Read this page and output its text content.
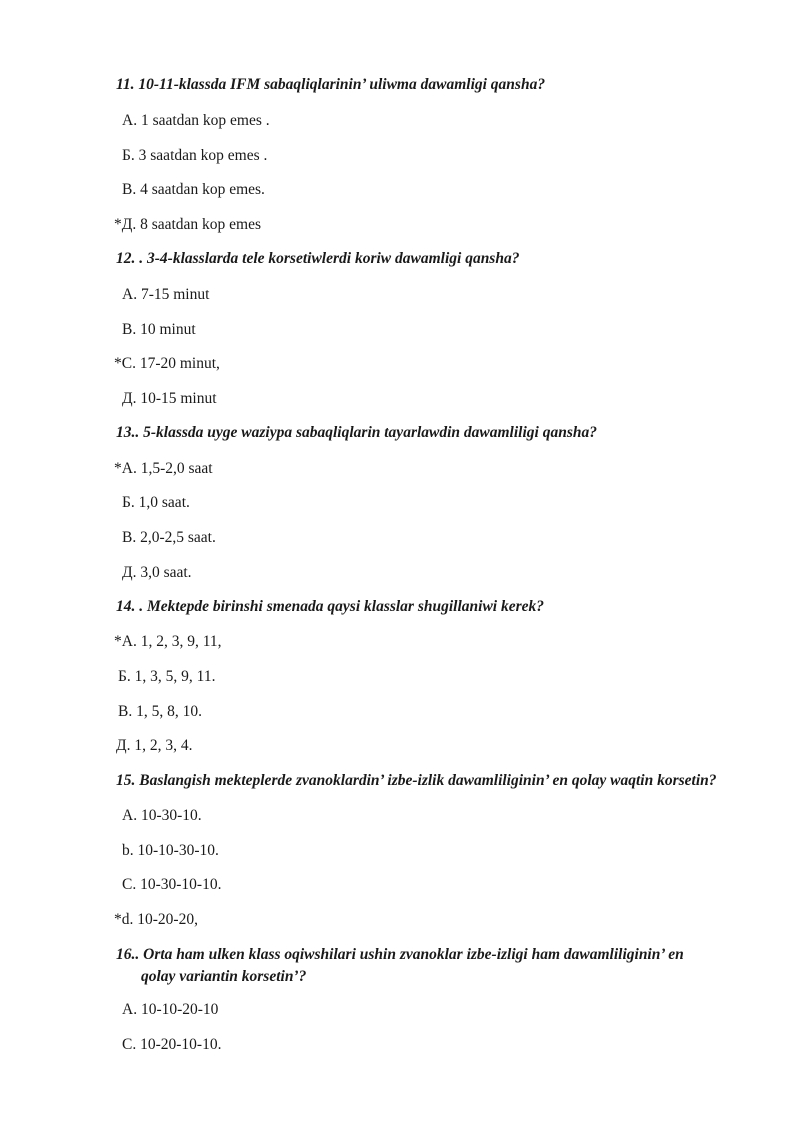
11. 10-11-klassda IFM sabaqliqlarinin’ uliwma dawamligi qansha?

A. 1 saatdan kop emes .

Б. 3 saatdan kop emes .

В. 4 saatdan kop emes.

*Д. 8 saatdan kop emes

12. . 3-4-klasslarda tele korsetiwlerdi koriw dawamligi qansha?

A. 7-15 minut

B. 10 minut

*C. 17-20 minut,

Д. 10-15 minut

13.. 5-klassda uyge waziypa sabaqliqlarin tayarlawdin dawamliligi qansha?

*A. 1,5-2,0 saat

Б. 1,0 saat.

В. 2,0-2,5 saat.

Д. 3,0 saat.

14. . Mektepde birinshi smenada qaysi klasslar shugillaniwi kerek?

*A. 1, 2, 3, 9, 11,

Б. 1, 3, 5, 9, 11.

В. 1, 5, 8, 10.

Д. 1, 2, 3, 4.

15. Baslangish mekteplerde zvanoklardin’ izbe-izlik dawamliliginin’ en qolay waqtin korsetin?

A. 10-30-10.

b. 10-10-30-10.

C. 10-30-10-10.

*d. 10-20-20,

16.. Orta ham ulken klass oqiwshilari ushin zvanoklar izbe-izligi ham dawamliliginin’ en
qolay variantin korsetin’?

A. 10-10-20-10

C. 10-20-10-10.
